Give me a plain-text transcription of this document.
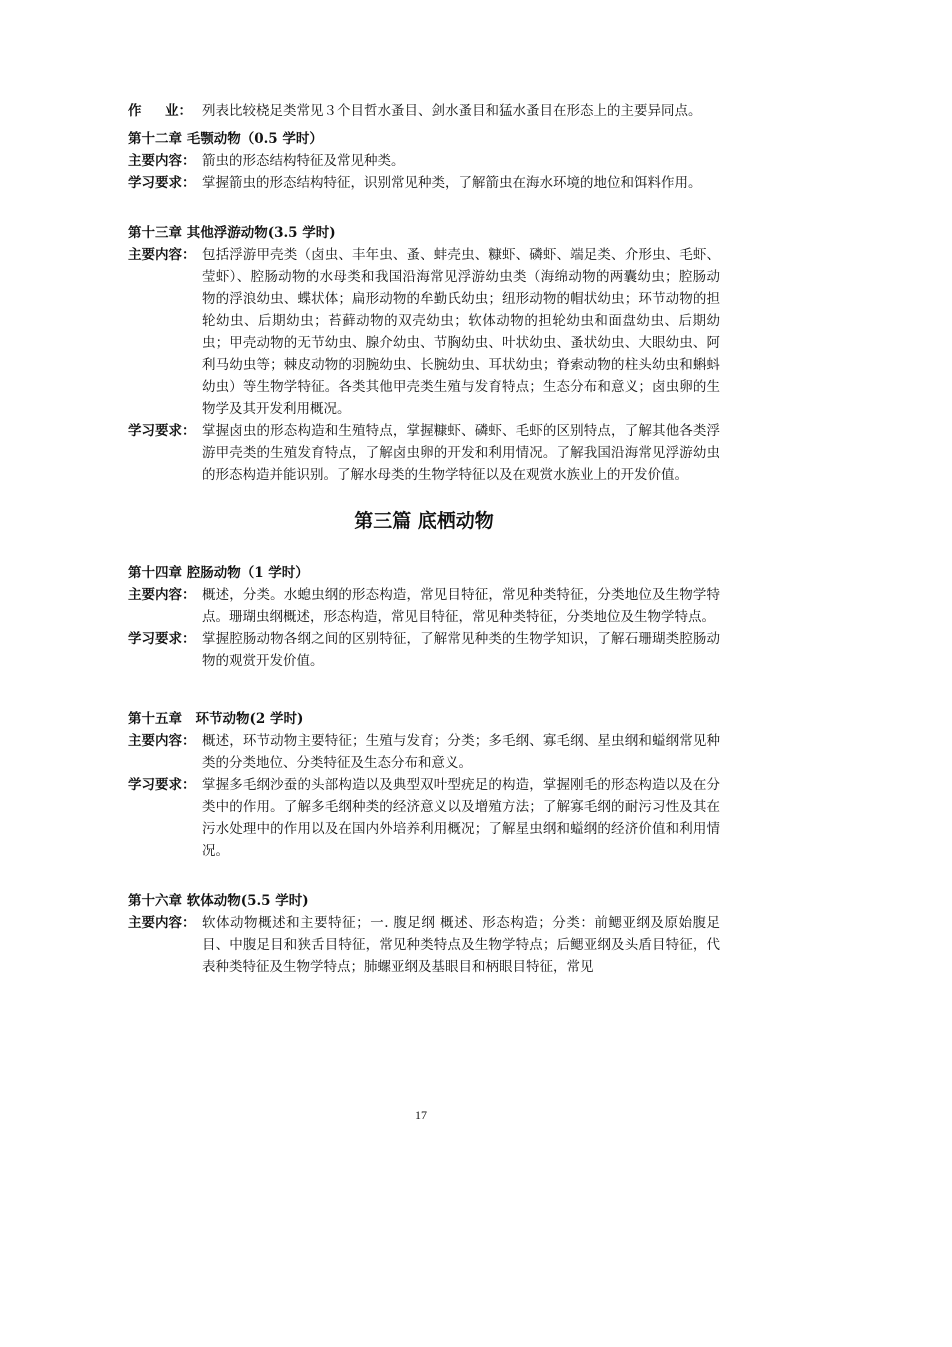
作 业： 列表比较桡足类常见３个目哲水蚤目、剑水蚤目和猛水蚤目在形态上的主要异同点。
第十二章 毛颚动物（0.5 学时）
主要内容： 箭虫的形态结构特征及常见种类。
学习要求： 掌握箭虫的形态结构特征，识别常见种类，了解箭虫在海水环境的地位和饵料作用。
第十三章 其他浮游动物(3.5 学时)
主要内容： 包括浮游甲壳类（卤虫、丰年虫、蚤、蚌壳虫、糠虾、磷虾、端足类、介形虫、毛虾、莹虾）、腔肠动物的水母类和我国沿海常见浮游幼虫类（海绵动物的两囊幼虫；腔肠动物的浮浪幼虫、蝶状体；扁形动物的牟勤氏幼虫；纽形动物的帽状幼虫；环节动物的担轮幼虫、后期幼虫；苔藓动物的双壳幼虫；软体动物的担轮幼虫和面盘幼虫、后期幼虫；甲壳动物的无节幼虫、腺介幼虫、节胸幼虫、叶状幼虫、蚤状幼虫、大眼幼虫、阿利马幼虫等；棘皮动物的羽腕幼虫、长腕幼虫、耳状幼虫；脊索动物的柱头幼虫和蝌蚪幼虫）等生物学特征。各类其他甲壳类生殖与发育特点；生态分布和意义；卤虫卵的生物学及其开发利用概况。
学习要求： 掌握卤虫的形态构造和生殖特点，掌握糠虾、磷虾、毛虾的区别特点，了解其他各类浮游甲壳类的生殖发育特点，了解卤虫卵的开发和利用情况。了解我国沿海常见浮游幼虫的形态构造并能识别。了解水母类的生物学特征以及在观赏水族业上的开发价值。
第三篇 底栖动物
第十四章 腔肠动物（1 学时）
主要内容： 概述，分类。水螅虫纲的形态构造，常见目特征，常见种类特征，分类地位及生物学特点。珊瑚虫纲概述，形态构造，常见目特征，常见种类特征，分类地位及生物学特点。
学习要求： 掌握腔肠动物各纲之间的区别特征，了解常见种类的生物学知识，了解石珊瑚类腔肠动物的观赏开发价值。
第十五章　环节动物(2 学时)
主要内容： 概述，环节动物主要特征；生殖与发育；分类；多毛纲、寡毛纲、星虫纲和螠纲常见种类的分类地位、分类特征及生态分布和意义。
学习要求： 掌握多毛纲沙蚕的头部构造以及典型双叶型疣足的构造，掌握刚毛的形态构造以及在分类中的作用。了解多毛纲种类的经济意义以及增殖方法；了解寡毛纲的耐污习性及其在污水处理中的作用以及在国内外培养利用概况；了解星虫纲和螠纲的经济价值和利用情况。
第十六章 软体动物(5.5 学时)
主要内容： 软体动物概述和主要特征；一. 腹足纲 概述、形态构造；分类：前鳃亚纲及原始腹足目、中腹足目和狭舌目特征，常见种类特点及生物学特点；后鳃亚纲及头盾目特征，代表种类特征及生物学特点；肺螺亚纲及基眼目和柄眼目特征，常见
17
